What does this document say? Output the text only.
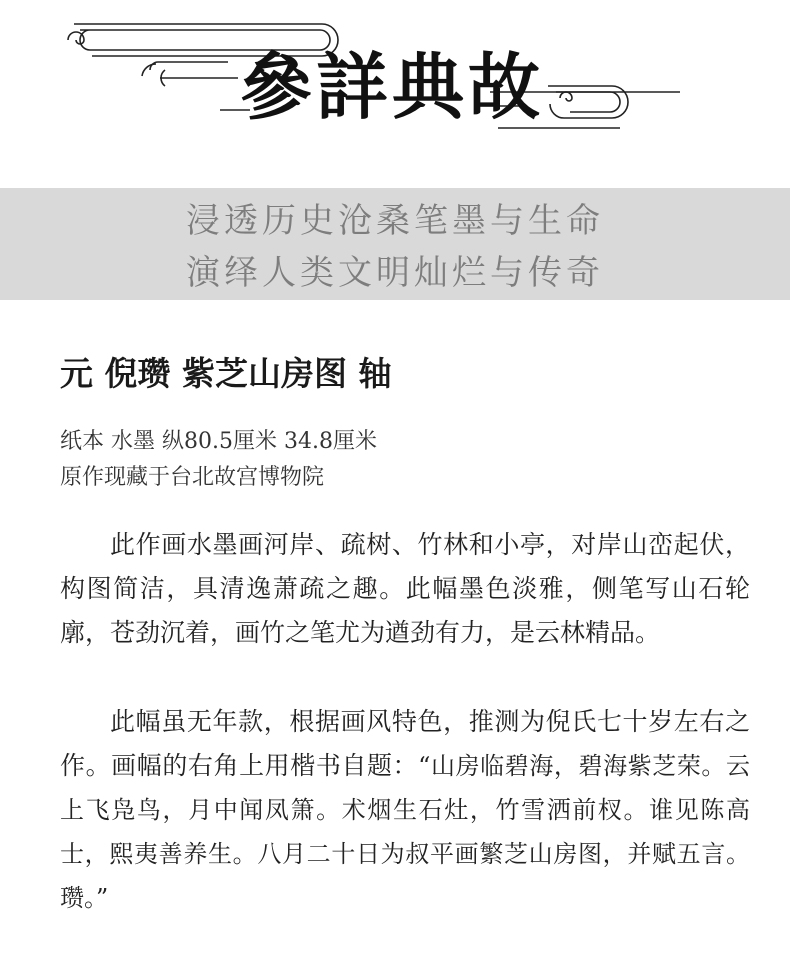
參詳典故
浸透历史沧桑笔墨与生命
演绎人类文明灿烂与传奇
元 倪瓒 紫芝山房图 轴
纸本 水墨 纵80.5厘米 34.8厘米
原作现藏于台北故宫博物院

此作画水墨画河岸、疏树、竹林和小亭，对岸山峦起伏，构图简洁，具清逸萧疏之趣。此幅墨色淡雅，侧笔写山石轮廓，苍劲沉着，画竹之笔尤为遒劲有力，是云林精品。

此幅虽无年款，根据画风特色，推测为倪氏七十岁左右之作。画幅的右角上用楷书自题：“山房临碧海，碧海紫芝荣。云上飞凫鸟，月中闻凤箫。术烟生石灶，竹雪洒前杈。谁见陈高士，熙夷善养生。八月二十日为叔平画繁芝山房图，并赋五言。瓒。”
